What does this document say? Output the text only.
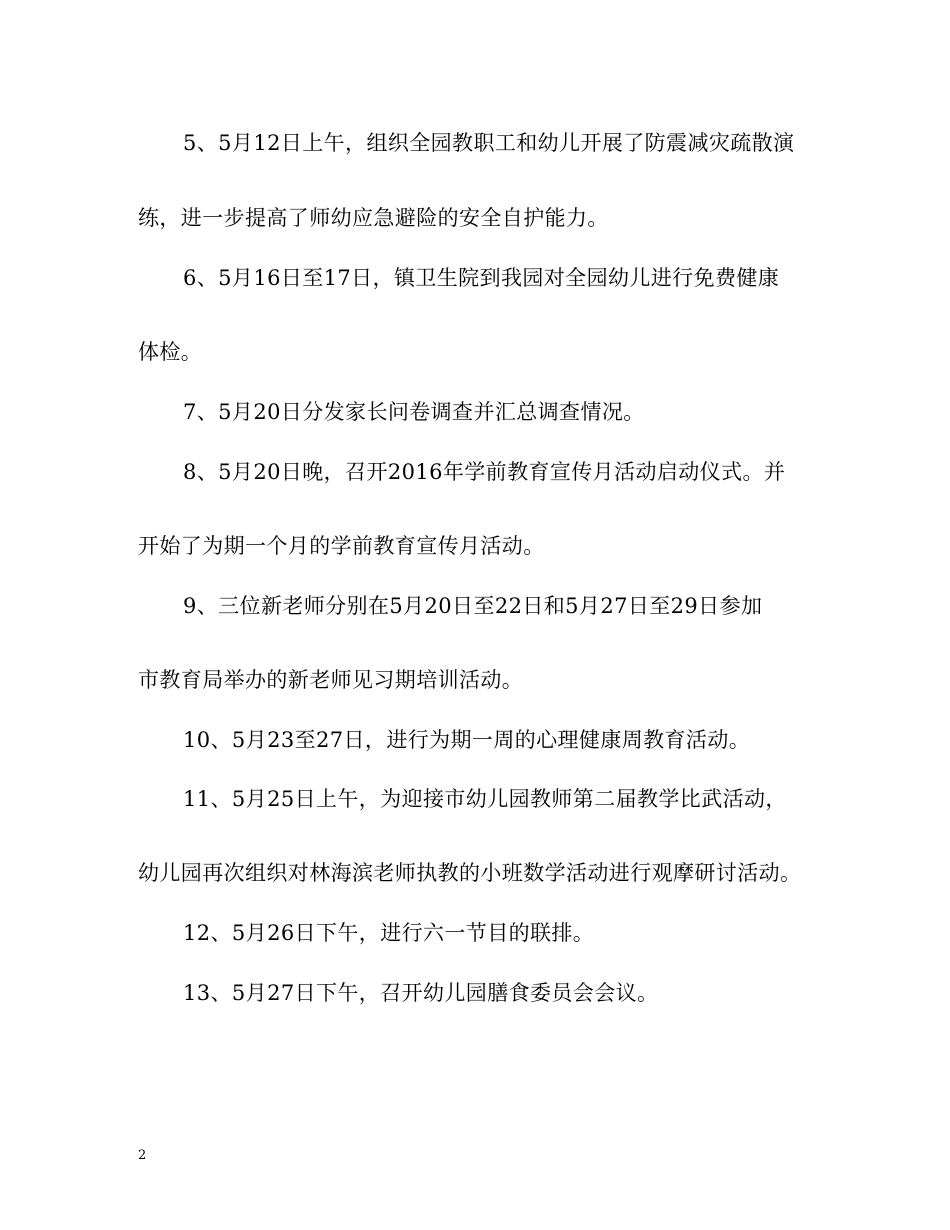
5、5月12日上午，组织全园教职工和幼儿开展了防震减灾疏散演
练，进一步提高了师幼应急避险的安全自护能力。
6、5月16日至17日，镇卫生院到我园对全园幼儿进行免费健康
体检。
7、5月20日分发家长问卷调查并汇总调查情况。
8、5月20日晚，召开2016年学前教育宣传月活动启动仪式。并
开始了为期一个月的学前教育宣传月活动。
9、三位新老师分别在5月20日至22日和5月27日至29日参加
市教育局举办的新老师见习期培训活动。
10、5月23至27日，进行为期一周的心理健康周教育活动。
11、5月25日上午，为迎接市幼儿园教师第二届教学比武活动，
幼儿园再次组织对林海滨老师执教的小班数学活动进行观摩研讨活动。
12、5月26日下午，进行六一节目的联排。
13、5月27日下午，召开幼儿园膳食委员会会议。
2
